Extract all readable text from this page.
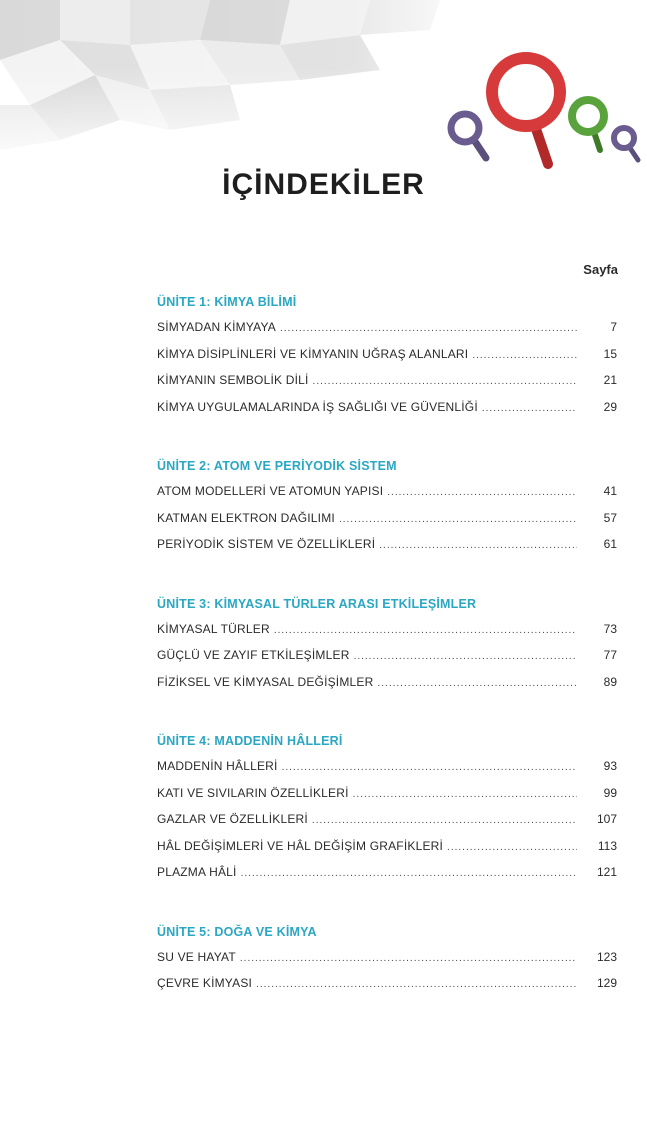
İÇİNDEKİLER
Sayfa
ÜNİTE 1: KİMYA BİLİMİ
SİMYADAN KİMYAYA .....	7
KİMYA DİSİPLİNLERİ VE KİMYANIN UĞRAŞ ALANLARI .....	15
KİMYANIN SEMBOLİK DİLİ .....	21
KİMYA UYGULAMALARINDA İŞ SAĞLIĞI VE GÜVENLİĞİ .....	29
ÜNİTE 2: ATOM VE PERİYODİK SİSTEM
ATOM MODELLERİ VE ATOMUN YAPISI .....	41
KATMAN ELEKTRON DAĞILIMI .....	57
PERİYODİK SİSTEM VE ÖZELLİKLERİ .....	61
ÜNİTE 3: KİMYASAL TÜRLER ARASI ETKİLEŞİMLER
KİMYASAL TÜRLER .....	73
GÜÇLÜ VE ZAYIF ETKİLEŞİMLER .....	77
FİZİKSEL VE KİMYASAL DEĞİŞİMLER .....	89
ÜNİTE 4: MADDENİN HÂLLERİ
MADDENİN HÂLLERİ .....	93
KATI VE SIVILARIN ÖZELLİKLERİ .....	99
GAZLAR VE ÖZELLİKLERİ .....	107
HÂL DEĞİŞİMLERİ VE HÂL DEĞİŞİM GRAFİKLERİ .....	113
PLAZMA HÂLİ .....	121
ÜNİTE 5: DOĞA VE KİMYA
SU VE HAYAT .....	123
ÇEVRE KİMYASI .....	129
